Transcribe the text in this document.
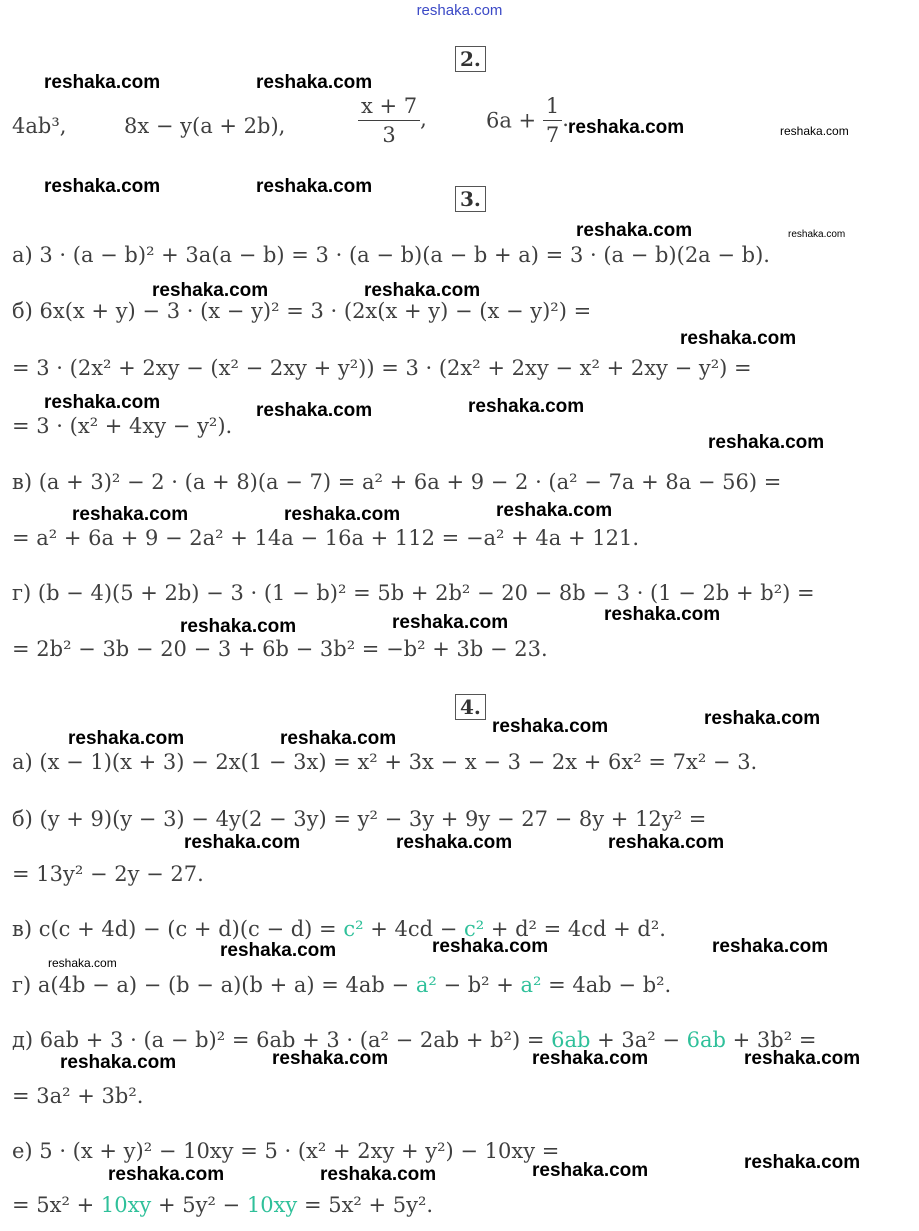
reshaka.com
2.
4ab³,	8x − y(a + 2b),	$\frac{x + 7}{3}$ ,	$6a + \frac{1}{7}$ .
3.
а) 3 · (a − b)² + 3a(a − b) = 3 · (a − b)(a − b + a) = 3 · (a − b)(2a − b).
б) 6x(x + y) − 3 · (x − y)² = 3 · (2x(x + y) − (x − y)²) =
= 3 · (2x² + 2xy − (x² − 2xy + y²)) = 3 · (2x² + 2xy − x² + 2xy − y²) =
= 3 · (x² + 4xy − y²).
в) (a + 3)² − 2 · (a + 8)(a − 7) = a² + 6a + 9 − 2 · (a² − 7a + 8a − 56) =
= a² + 6a + 9 − 2a² + 14a − 16a + 112 = −a² + 4a + 121.
г) (b − 4)(5 + 2b) − 3 · (1 − b)² = 5b + 2b² − 20 − 8b − 3 · (1 − 2b + b²) =
= 2b² − 3b − 20 − 3 + 6b − 3b² = −b² + 3b − 23.
4.
а) (x − 1)(x + 3) − 2x(1 − 3x) = x² + 3x − x − 3 − 2x + 6x² = 7x² − 3.
б) (y + 9)(y − 3) − 4y(2 − 3y) = y² − 3y + 9y − 27 − 8y + 12y² =
= 13y² − 2y − 27.
в) c(c + 4d) − (c + d)(c − d) = c² + 4cd − c² + d² = 4cd + d².
г) a(4b − a) − (b − a)(b + a) = 4ab − a² − b² + a² = 4ab − b².
д) 6ab + 3 · (a − b)² = 6ab + 3 · (a² − 2ab + b²) = 6ab + 3a² − 6ab + 3b² =
= 3a² + 3b².
е) 5 · (x + y)² − 10xy = 5 · (x² + 2xy + y²) − 10xy =
= 5x² + 10xy + 5y² − 10xy = 5x² + 5y².
reshaka.com	reshaka.com
reshaka.com	reshaka.com
reshaka.com	reshaka.com
reshaka.com	reshaka.com
reshaka.com	reshaka.com
reshaka.com
reshaka.com	reshaka.com	reshaka.com
reshaka.com
reshaka.com	reshaka.com	reshaka.com
reshaka.com
reshaka.com	reshaka.com
reshaka.com	reshaka.com
reshaka.com	reshaka.com
reshaka.com	reshaka.com	reshaka.com
reshaka.com	reshaka.com	reshaka.com
reshaka.com
reshaka.com	reshaka.com	reshaka.com	reshaka.com
reshaka.com	reshaka.com
reshaka.com	reshaka.com
